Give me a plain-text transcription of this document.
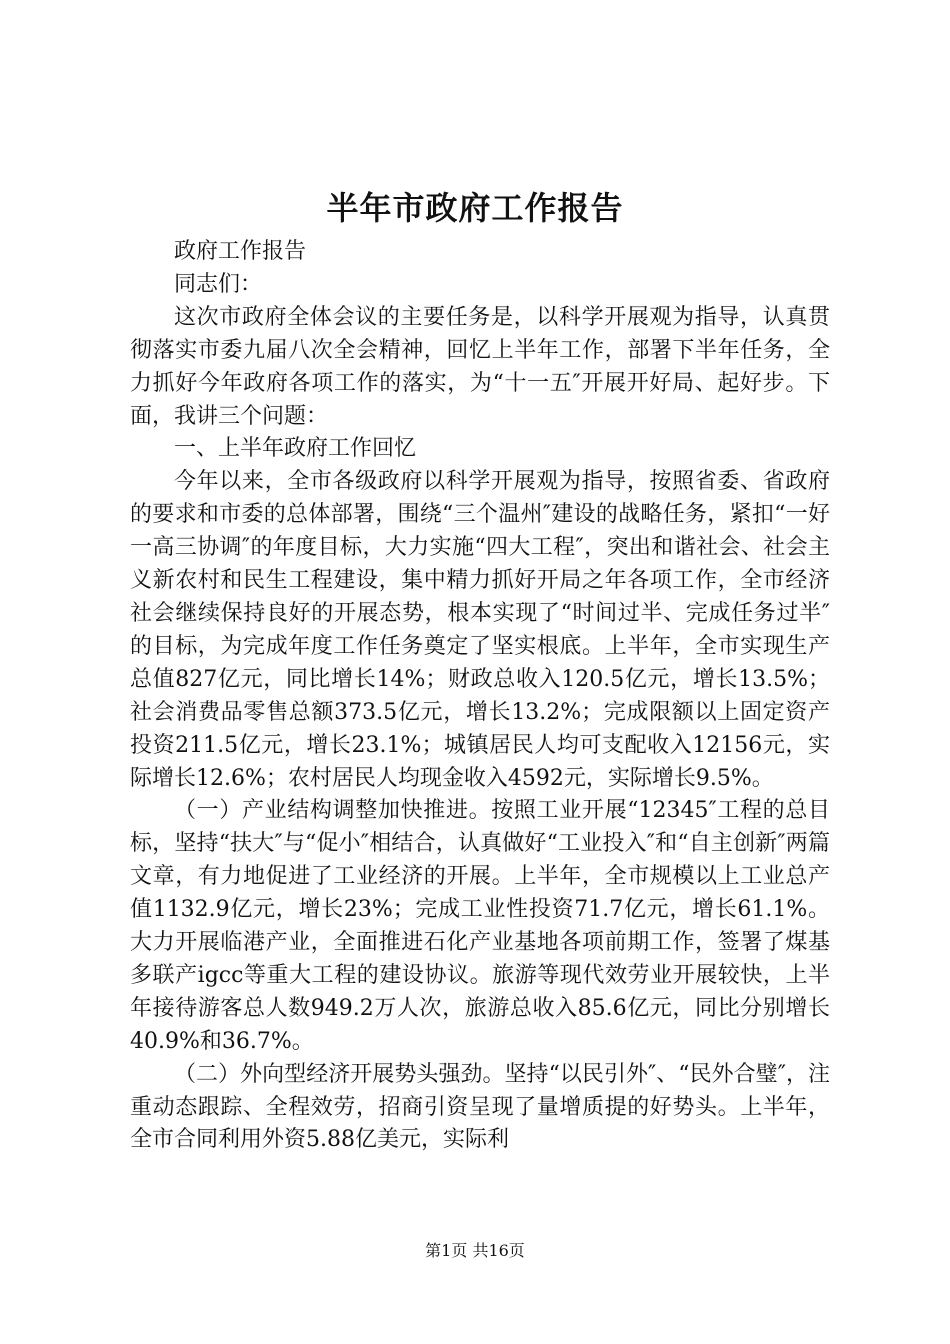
半年市政府工作报告

政府工作报告

同志们：

这次市政府全体会议的主要任务是，以科学开展观为指导，认真贯彻落实市委九届八次全会精神，回忆上半年工作，部署下半年任务，全力抓好今年政府各项工作的落实，为“十一五″开展开好局、起好步。下面，我讲三个问题：

一、上半年政府工作回忆

今年以来，全市各级政府以科学开展观为指导，按照省委、省政府的要求和市委的总体部署，围绕“三个温州″建设的战略任务，紧扣“一好一高三协调″的年度目标，大力实施“四大工程″，突出和谐社会、社会主义新农村和民生工程建设，集中精力抓好开局之年各项工作，全市经济社会继续保持良好的开展态势，根本实现了“时间过半、完成任务过半″的目标，为完成年度工作任务奠定了坚实根底。上半年，全市实现生产总值827亿元，同比增长14%；财政总收入120.5亿元，增长13.5%；社会消费品零售总额373.5亿元，增长13.2%；完成限额以上固定资产投资211.5亿元，增长23.1%；城镇居民人均可支配收入12156元，实际增长12.6%；农村居民人均现金收入4592元，实际增长9.5%。

（一）产业结构调整加快推进。按照工业开展“12345″工程的总目标，坚持“扶大″与“促小″相结合，认真做好“工业投入″和“自主创新″两篇文章，有力地促进了工业经济的开展。上半年，全市规模以上工业总产值1132.9亿元，增长23%；完成工业性投资71.7亿元，增长61.1%。大力开展临港产业，全面推进石化产业基地各项前期工作，签署了煤基多联产igcc等重大工程的建设协议。旅游等现代效劳业开展较快，上半年接待游客总人数949.2万人次，旅游总收入85.6亿元，同比分别增长40.9%和36.7%。

（二）外向型经济开展势头强劲。坚持“以民引外″、“民外合璧″，注重动态跟踪、全程效劳，招商引资呈现了量增质提的好势头。上半年，全市合同利用外资5.88亿美元，实际利

第1页 共16页
